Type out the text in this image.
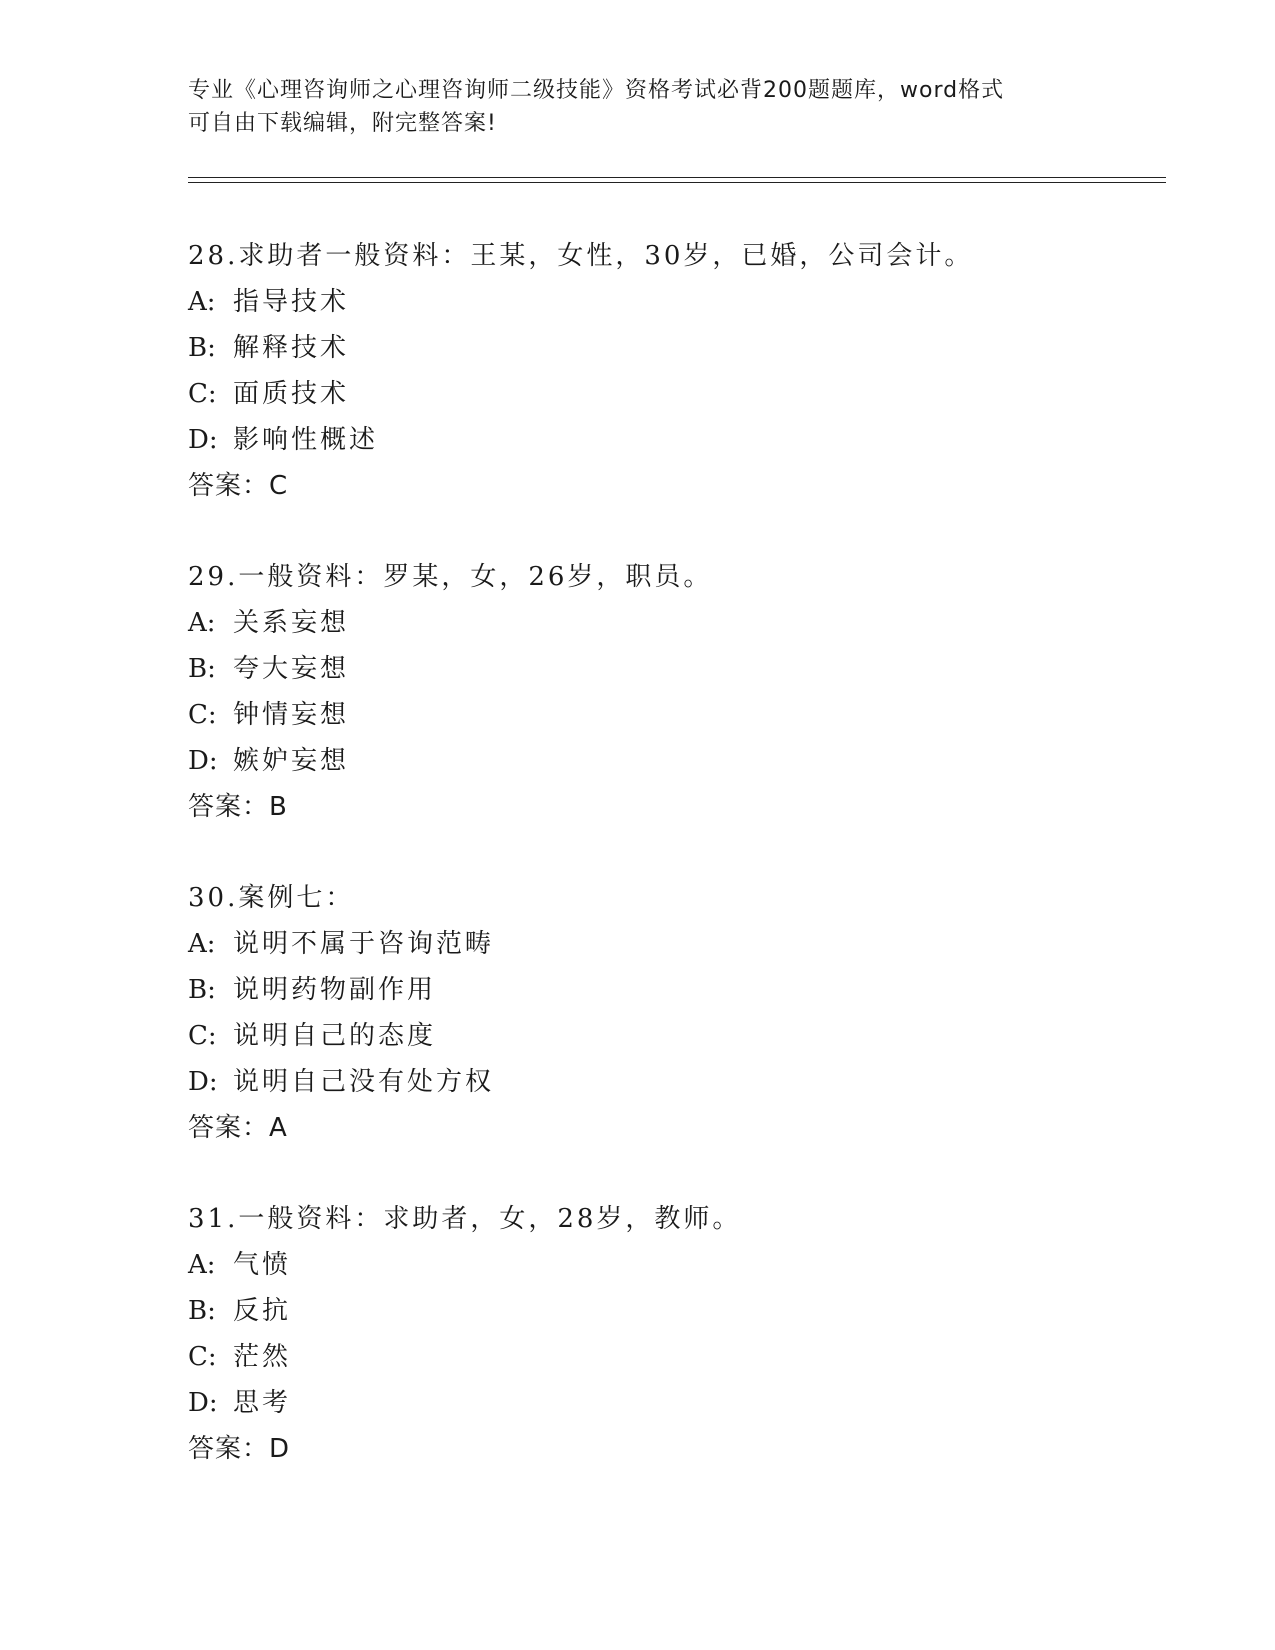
专业《心理咨询师之心理咨询师二级技能》资格考试必背200题题库，word格式
可自由下载编辑，附完整答案!
28.求助者一般资料：王某，女性，30岁，已婚，公司会计。
A: 指导技术
B: 解释技术
C: 面质技术
D: 影响性概述
答案：C
29.一般资料：罗某，女，26岁，职员。
A: 关系妄想
B: 夸大妄想
C: 钟情妄想
D: 嫉妒妄想
答案：B
30.案例七：
A: 说明不属于咨询范畴
B: 说明药物副作用
C: 说明自己的态度
D: 说明自己没有处方权
答案：A
31.一般资料：求助者，女，28岁，教师。
A: 气愤
B: 反抗
C: 茫然
D: 思考
答案：D
